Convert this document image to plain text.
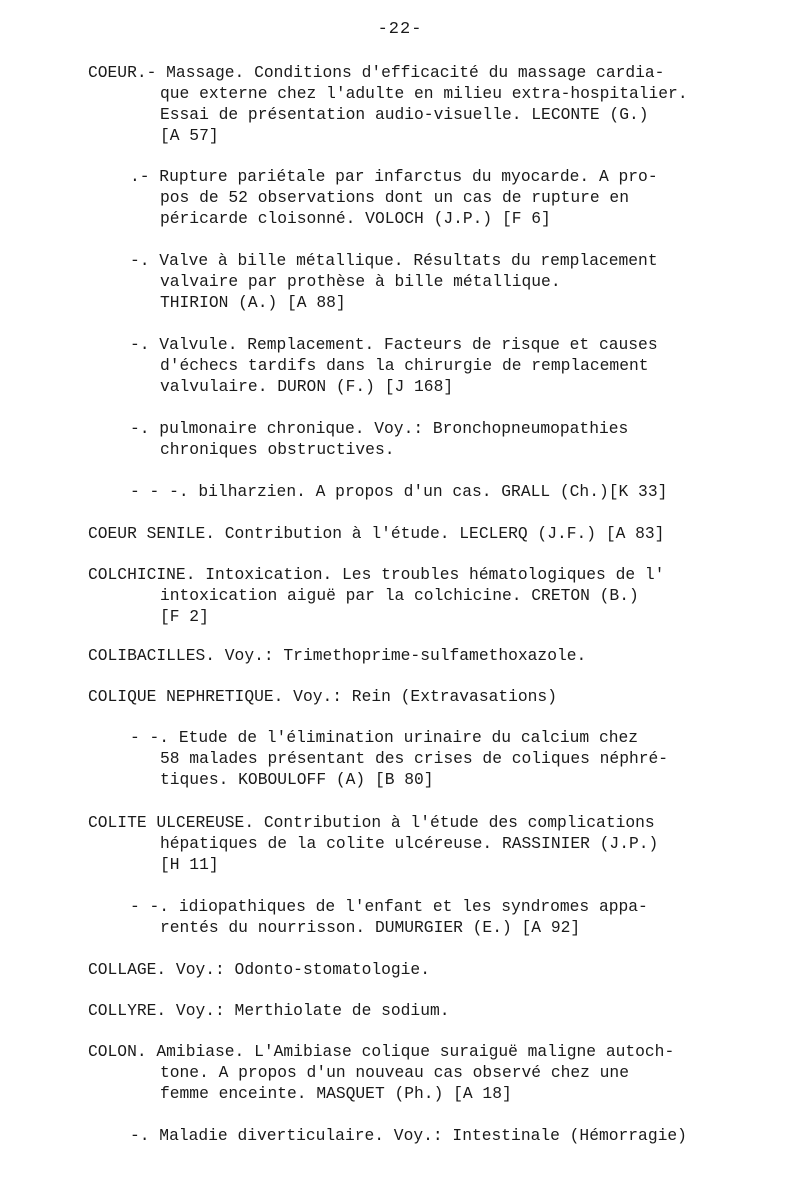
-22-
COEUR.- Massage. Conditions d'efficacité du massage cardia-
que externe chez l'adulte en milieu extra-hospitalier.
Essai de présentation audio-visuelle. LECONTE (G.)
[A 57]
.- Rupture pariétale par infarctus du myocarde. A pro-
pos de 52 observations dont un cas de rupture en
péricarde cloisonné. VOLOCH (J.P.) [F 6]
-. Valve à bille métallique. Résultats du remplacement
valvaire par prothèse à bille métallique.
THIRION (A.) [A 88]
-. Valvule. Remplacement. Facteurs de risque et causes
d'échecs tardifs dans la chirurgie de remplacement
valvulaire. DURON (F.) [J 168]
-. pulmonaire chronique. Voy.: Bronchopneumopathies
chroniques obstructives.
- - -. bilharzien. A propos d'un cas. GRALL (Ch.)[K 33]
COEUR SENILE. Contribution à l'étude. LECLERQ (J.F.) [A 83]
COLCHICINE. Intoxication. Les troubles hématologiques de l'
intoxication aiguë par la colchicine. CRETON (B.)
[F 2]
COLIBACILLES. Voy.: Trimethoprime-sulfamethoxazole.
COLIQUE NEPHRETIQUE. Voy.: Rein (Extravasations)
- -. Etude de l'élimination urinaire du calcium chez
58 malades présentant des crises de coliques néphré-
tiques. KOBOULOFF (A) [B 80]
COLITE ULCEREUSE. Contribution à l'étude des complications
hépatiques de la colite ulcéreuse. RASSINIER (J.P.)
[H 11]
- -. idiopathiques de l'enfant et les syndromes appa-
rentés du nourrisson. DUMURGIER (E.) [A 92]
COLLAGE. Voy.: Odonto-stomatologie.
COLLYRE. Voy.: Merthiolate de sodium.
COLON. Amibiase. L'Amibiase colique suraiguë maligne autoch-
tone. A propos d'un nouveau cas observé chez une
femme enceinte. MASQUET (Ph.) [A 18]
-. Maladie diverticulaire. Voy.: Intestinale (Hémorragie)
